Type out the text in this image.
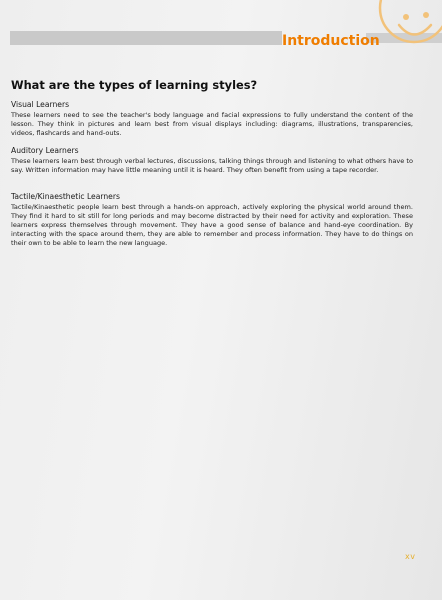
Introduction
What are the types of learning styles?

Visual Learners

These learners need to see the teacher's body language and facial expressions to fully understand the content of the lesson. They think in pictures and learn best from visual displays including: diagrams, illustrations, transparencies, videos, flashcards and hand-outs.

Auditory Learners

These learners learn best through verbal lectures, discussions, talking things through and listening to what others have to say. Written information may have little meaning until it is heard. They often benefit from using a tape recorder.

Tactile/Kinaesthetic Learners

Tactile/Kinaesthetic people learn best through a hands-on approach, actively exploring the physical world around them. They find it hard to sit still for long periods and may become distracted by their need for activity and exploration. These learners express themselves through movement. They have a good sense of balance and hand-eye coordination. By interacting with the space around them, they are able to remember and process information. They have to do things on their own to be able to learn the new language.

xv
